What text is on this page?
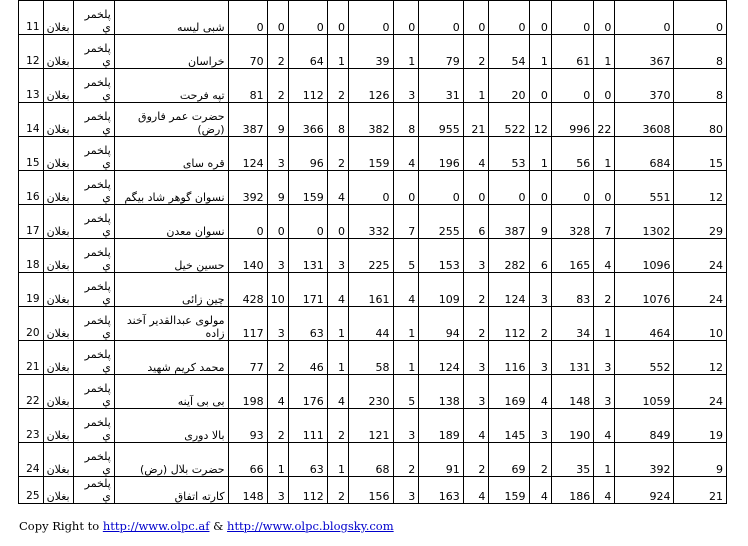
11	بغلان	پلخمري	شبی لیسه	0	0	0	0	0	0	0	0	0	0	0	0	0	0
12	بغلان	پلخمري	خراسان	70	2	64	1	39	1	79	2	54	1	61	1	367	8
13	بغلان	پلخمري	تپه فرحت	81	2	112	2	126	3	31	1	20	0	0	0	370	8
14	بغلان	پلخمري	حضرت عمر فاروق (رض)	387	9	366	8	382	8	955	21	522	12	996	22	3608	80
15	بغلان	پلخمري	قره سای	124	3	96	2	159	4	196	4	53	1	56	1	684	15
16	بغلان	پلخمري	نسوان گوهر شاد بیگم	392	9	159	4	0	0	0	0	0	0	0	0	551	12
17	بغلان	پلخمري	نسوان معدن	0	0	0	0	332	7	255	6	387	9	328	7	1302	29
18	بغلان	پلخمري	حسین خیل	140	3	131	3	225	5	153	3	282	6	165	4	1096	24
19	بغلان	پلخمري	چین زائی	428	10	171	4	161	4	109	2	124	3	83	2	1076	24
20	بغلان	پلخمري	مولوی عبدالقدیر آخند زاده	117	3	63	1	44	1	94	2	112	2	34	1	464	10
21	بغلان	پلخمري	محمد کریم شهید	77	2	46	1	58	1	124	3	116	3	131	3	552	12
22	بغلان	پلخمري	بی بی آینه	198	4	176	4	230	5	138	3	169	4	148	3	1059	24
23	بغلان	پلخمري	بالا دوری	93	2	111	2	121	3	189	4	145	3	190	4	849	19
24	بغلان	پلخمري	حضرت بلال (رض)	66	1	63	1	68	2	91	2	69	2	35	1	392	9
25	بغلان	پلخمري	کارته اتفاق	148	3	112	2	156	3	163	4	159	4	186	4	924	21
Copy Right to http://www.olpc.af & http://www.olpc.blogsky.com
